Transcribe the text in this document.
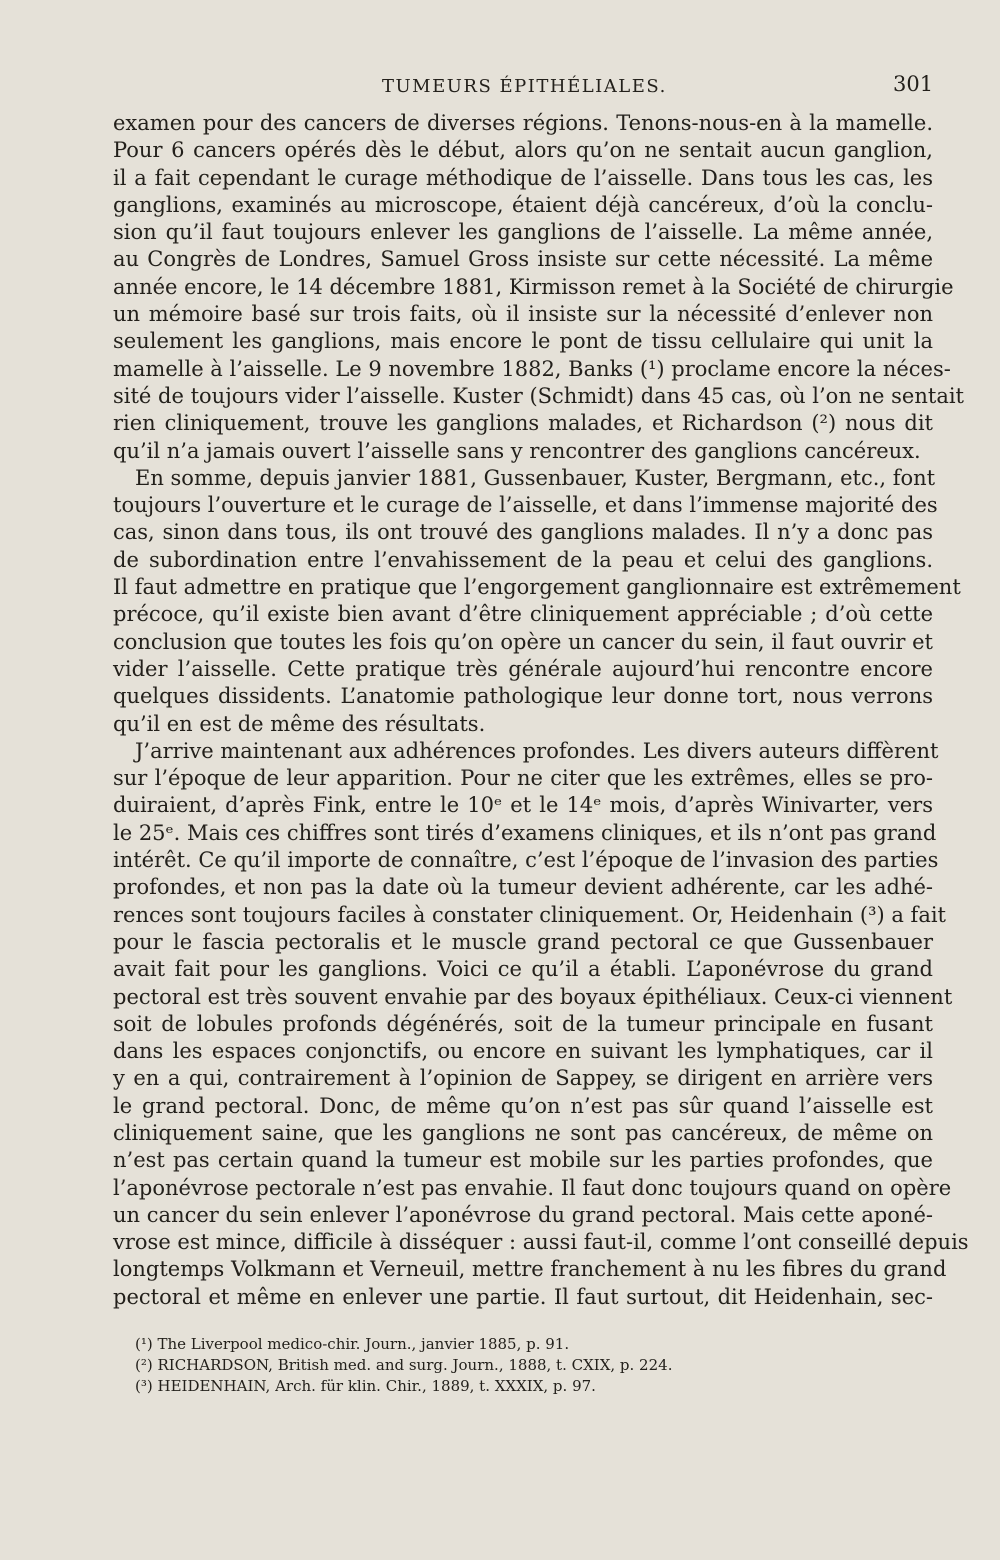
TUMEURS ÉPITHÉLIALES.	301
examen pour des cancers de diverses régions. Tenons-nous-en à la mamelle.
Pour 6 cancers opérés dès le début, alors qu’on ne sentait aucun ganglion,
il a fait cependant le curage méthodique de l’aisselle. Dans tous les cas, les
ganglions, examinés au microscope, étaient déjà cancéreux, d’où la conclu-
sion qu’il faut toujours enlever les ganglions de l’aisselle. La même année,
au Congrès de Londres, Samuel Gross insiste sur cette nécessité. La même
année encore, le 14 décembre 1881, Kirmisson remet à la Société de chirurgie
un mémoire basé sur trois faits, où il insiste sur la nécessité d’enlever non
seulement les ganglions, mais encore le pont de tissu cellulaire qui unit la
mamelle à l’aisselle. Le 9 novembre 1882, Banks (¹) proclame encore la néces-
sité de toujours vider l’aisselle. Kuster (Schmidt) dans 45 cas, où l’on ne sentait
rien cliniquement, trouve les ganglions malades, et Richardson (²) nous dit
qu’il n’a jamais ouvert l’aisselle sans y rencontrer des ganglions cancéreux.
En somme, depuis janvier 1881, Gussenbauer, Kuster, Bergmann, etc., font
toujours l’ouverture et le curage de l’aisselle, et dans l’immense majorité des
cas, sinon dans tous, ils ont trouvé des ganglions malades. Il n’y a donc pas
de subordination entre l’envahissement de la peau et celui des ganglions.
Il faut admettre en pratique que l’engorgement ganglionnaire est extrêmement
précoce, qu’il existe bien avant d’être cliniquement appréciable ; d’où cette
conclusion que toutes les fois qu’on opère un cancer du sein, il faut ouvrir et
vider l’aisselle. Cette pratique très générale aujourd’hui rencontre encore
quelques dissidents. L’anatomie pathologique leur donne tort, nous verrons
qu’il en est de même des résultats.
J’arrive maintenant aux adhérences profondes. Les divers auteurs diffèrent
sur l’époque de leur apparition. Pour ne citer que les extrêmes, elles se pro-
duiraient, d’après Fink, entre le 10ᵉ et le 14ᵉ mois, d’après Winivarter, vers
le 25ᵉ. Mais ces chiffres sont tirés d’examens cliniques, et ils n’ont pas grand
intérêt. Ce qu’il importe de connaître, c’est l’époque de l’invasion des parties
profondes, et non pas la date où la tumeur devient adhérente, car les adhé-
rences sont toujours faciles à constater cliniquement. Or, Heidenhain (³) a fait
pour le fascia pectoralis et le muscle grand pectoral ce que Gussenbauer
avait fait pour les ganglions. Voici ce qu’il a établi. L’aponévrose du grand
pectoral est très souvent envahie par des boyaux épithéliaux. Ceux-ci viennent
soit de lobules profonds dégénérés, soit de la tumeur principale en fusant
dans les espaces conjonctifs, ou encore en suivant les lymphatiques, car il
y en a qui, contrairement à l’opinion de Sappey, se dirigent en arrière vers
le grand pectoral. Donc, de même qu’on n’est pas sûr quand l’aisselle est
cliniquement saine, que les ganglions ne sont pas cancéreux, de même on
n’est pas certain quand la tumeur est mobile sur les parties profondes, que
l’aponévrose pectorale n’est pas envahie. Il faut donc toujours quand on opère
un cancer du sein enlever l’aponévrose du grand pectoral. Mais cette aponé-
vrose est mince, difficile à disséquer : aussi faut-il, comme l’ont conseillé depuis
longtemps Volkmann et Verneuil, mettre franchement à nu les fibres du grand
pectoral et même en enlever une partie. Il faut surtout, dit Heidenhain, sec-
(¹) The Liverpool medico-chir. Journ., janvier 1885, p. 91.
(²) RICHARDSON, British med. and surg. Journ., 1888, t. CXIX, p. 224.
(³) HEIDENHAIN, Arch. für klin. Chir., 1889, t. XXXIX, p. 97.
